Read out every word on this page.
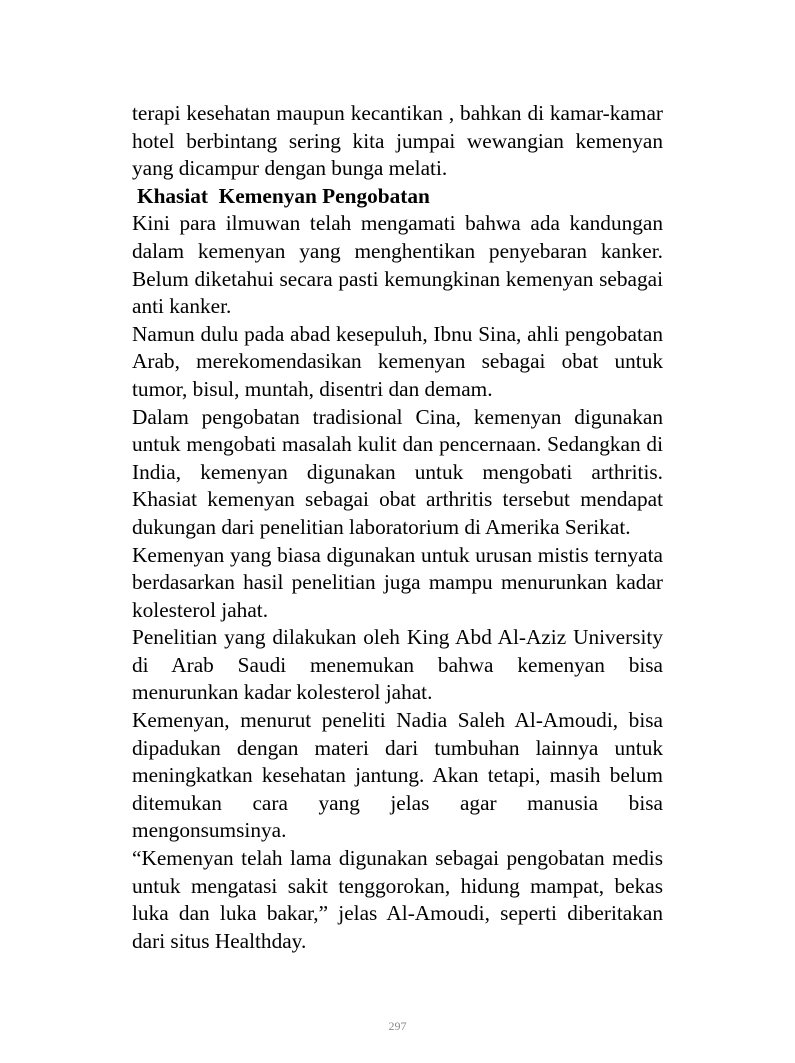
terapi kesehatan maupun kecantikan , bahkan di kamar-kamar hotel berbintang sering kita jumpai wewangian kemenyan yang dicampur dengan bunga melati.

Khasiat  Kemenyan Pengobatan

Kini para ilmuwan telah mengamati bahwa ada kandungan dalam kemenyan yang menghentikan penyebaran kanker. Belum diketahui secara pasti kemungkinan kemenyan sebagai anti kanker.

Namun dulu pada abad kesepuluh, Ibnu Sina, ahli pengobatan Arab, merekomendasikan kemenyan sebagai obat untuk tumor, bisul, muntah, disentri dan demam.

Dalam pengobatan tradisional Cina, kemenyan digunakan untuk mengobati masalah kulit dan pencernaan. Sedangkan di India, kemenyan digunakan untuk mengobati arthritis. Khasiat kemenyan sebagai obat arthritis tersebut mendapat dukungan dari penelitian laboratorium di Amerika Serikat.

Kemenyan yang biasa digunakan untuk urusan mistis ternyata berdasarkan hasil penelitian juga mampu menurunkan kadar kolesterol jahat.

Penelitian yang dilakukan oleh King Abd Al-Aziz University di Arab Saudi menemukan bahwa kemenyan bisa menurunkan kadar kolesterol jahat.

Kemenyan, menurut peneliti Nadia Saleh Al-Amoudi, bisa dipadukan dengan materi dari tumbuhan lainnya untuk meningkatkan kesehatan jantung. Akan tetapi, masih belum ditemukan cara yang jelas agar manusia bisa mengonsumsinya.

“Kemenyan telah lama digunakan sebagai pengobatan medis untuk mengatasi sakit tenggorokan, hidung mampat, bekas luka dan luka bakar,” jelas Al-Amoudi, seperti diberitakan dari situs Healthday.

297
